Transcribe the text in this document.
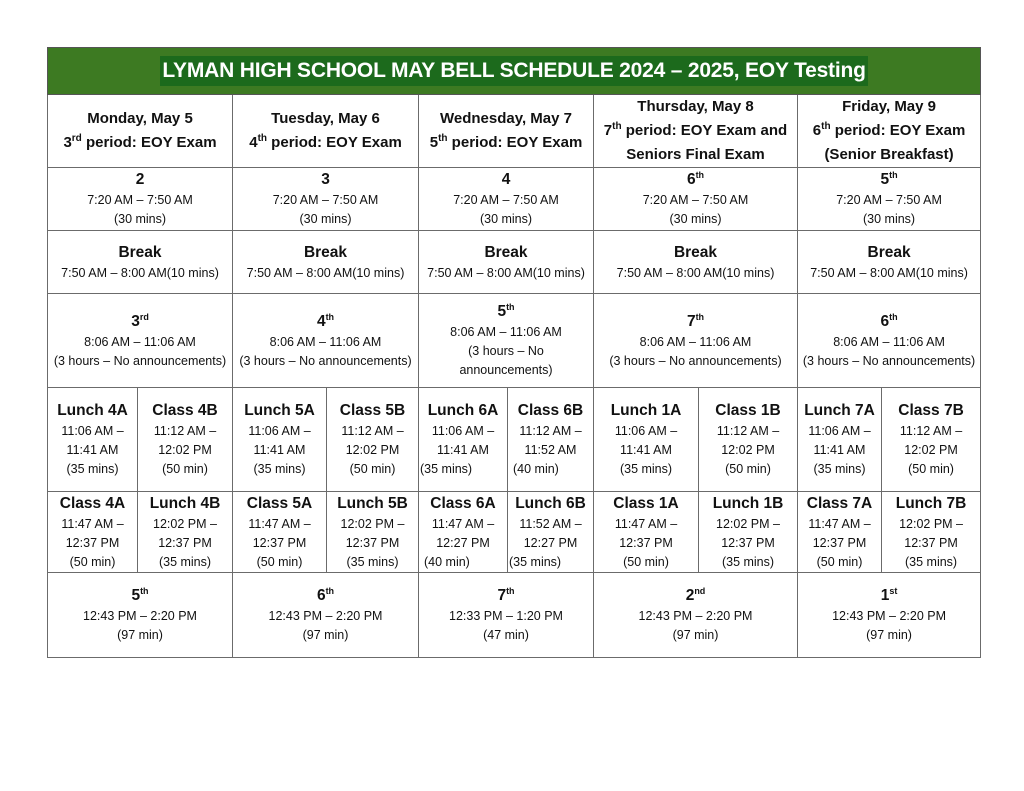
LYMAN HIGH SCHOOL MAY BELL SCHEDULE 2024 – 2025, EOY Testing									
Monday, May 5
3rd period: EOY Exam		Tuesday, May 6
4th period: EOY Exam		Wednesday, May 7
5th period: EOY Exam		Thursday, May 8
7th period: EOY Exam and
Seniors Final Exam		Friday, May 9
6th period: EOY Exam
(Senior Breakfast)	

2
7:20 AM – 7:50 AM
(30 mins)		3
7:20 AM – 7:50 AM
(30 mins)		4
7:20 AM – 7:50 AM
(30 mins)		6th
7:20 AM – 7:50 AM
(30 mins)		5th
7:20 AM – 7:50 AM
(30 mins)	

Break
7:50 AM – 8:00 AM(10 mins)		Break
7:50 AM – 8:00 AM(10 mins)		Break
7:50 AM – 8:00 AM(10 mins)		Break
7:50 AM – 8:00 AM(10 mins)		Break
7:50 AM – 8:00 AM(10 mins)	

3rd
8:06 AM – 11:06 AM
(3 hours – No announcements)		4th
8:06 AM – 11:06 AM
(3 hours – No announcements)		5th
8:06 AM – 11:06 AM
(3 hours – No
announcements)		7th
8:06 AM – 11:06 AM
(3 hours – No announcements)		6th
8:06 AM – 11:06 AM
(3 hours – No announcements)	

Lunch 4A
11:06 AM –
11:41 AM
(35 mins)	Class 4B
11:12 AM –
12:02 PM
(50 min)	Lunch 5A
11:06 AM –
11:41 AM
(35 mins)	Class 5B
11:12 AM –
12:02 PM
(50 min)	Lunch 6A
11:06 AM –
11:41 AM
(35 mins)	Class 6B
11:12 AM –
11:52 AM
(40 min)	Lunch 1A
11:06 AM –
11:41 AM
(35 mins)	Class 1B
11:12 AM –
12:02 PM
(50 min)	Lunch 7A
11:06 AM –
11:41 AM
(35 mins)	Class 7B
11:12 AM –
12:02 PM
(50 min)

Class 4A
11:47 AM –
12:37 PM
(50 min)	Lunch 4B
12:02 PM –
12:37 PM
(35 mins)	Class 5A
11:47 AM –
12:37 PM
(50 min)	Lunch 5B
12:02 PM –
12:37 PM
(35 mins)	Class 6A
11:47 AM –
12:27 PM
(40 min)	Lunch 6B
11:52 AM –
12:27 PM
(35 mins)	Class 1A
11:47 AM –
12:37 PM
(50 min)	Lunch 1B
12:02 PM –
12:37 PM
(35 mins)	Class 7A
11:47 AM –
12:37 PM
(50 min)	Lunch 7B
12:02 PM –
12:37 PM
(35 mins)

5th
12:43 PM – 2:20 PM
(97 min)		6th
12:43 PM – 2:20 PM
(97 min)		7th
12:33 PM – 1:20 PM
(47 min)		2nd
12:43 PM – 2:20 PM
(97 min)		1st
12:43 PM – 2:20 PM
(97 min)	
